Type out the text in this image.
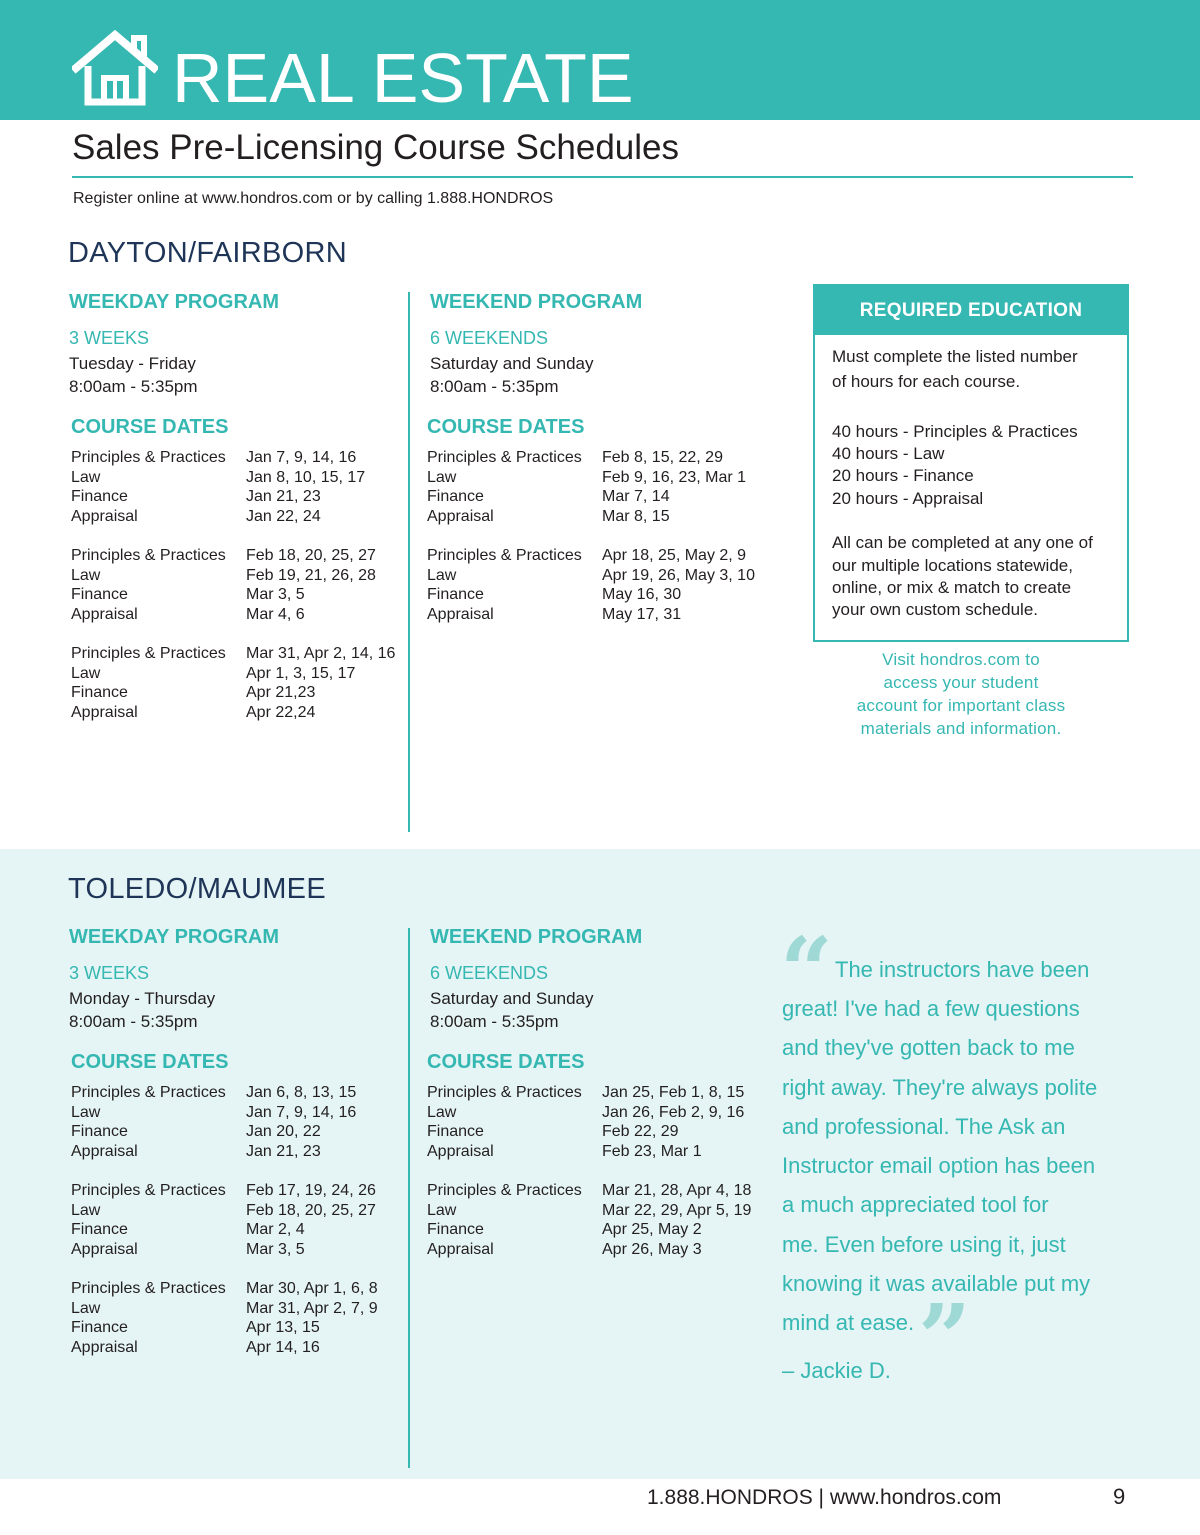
REAL ESTATE
Sales Pre-Licensing Course Schedules
Register online at www.hondros.com or by calling 1.888.HONDROS
DAYTON/FAIRBORN
WEEKDAY PROGRAM
3 WEEKS
Tuesday - Friday
8:00am - 5:35pm
COURSE DATES
Principles & Practices Jan 7, 9, 14, 16
Law	Jan 8, 10, 15, 17
Finance	Jan 21, 23
Appraisal	Jan 22, 24
Principles & Practices Feb 18, 20, 25, 27
Law	Feb 19, 21, 26, 28
Finance	Mar 3, 5
Appraisal	Mar 4, 6
Principles & Practices Mar 31, Apr 2, 14, 16
Law	Apr 1, 3, 15, 17
Finance	Apr 21,23
Appraisal	Apr 22,24
WEEKEND PROGRAM
6 WEEKENDS
Saturday and Sunday
8:00am - 5:35pm
COURSE DATES
Principles & Practices Feb 8, 15, 22, 29
Law	Feb 9, 16, 23, Mar 1
Finance	Mar 7, 14
Appraisal	Mar 8, 15
Principles & Practices Apr 18, 25, May 2, 9
Law	Apr 19, 26, May 3, 10
Finance	May 16, 30
Appraisal	May 17, 31
REQUIRED EDUCATION
Must complete the listed number
of hours for each course.
40 hours - Principles & Practices
40 hours - Law
20 hours - Finance
20 hours - Appraisal
All can be completed at any one of
our multiple locations statewide,
online, or mix & match to create
your own custom schedule.
Visit hondros.com to
access your student
account for important class
materials and information.
TOLEDO/MAUMEE
WEEKDAY PROGRAM
3 WEEKS
Monday - Thursday
8:00am - 5:35pm
COURSE DATES
Principles & Practices Jan 6, 8, 13, 15
Law	Jan 7, 9, 14, 16
Finance	Jan 20, 22
Appraisal	Jan 21, 23
Principles & Practices Feb 17, 19, 24, 26
Law	Feb 18, 20, 25, 27
Finance	Mar 2, 4
Appraisal	Mar 3, 5
Principles & Practices Mar 30, Apr 1, 6, 8
Law	Mar 31, Apr 2, 7, 9
Finance	Apr 13, 15
Appraisal	Apr 14, 16
WEEKEND PROGRAM
6 WEEKENDS
Saturday and Sunday
8:00am - 5:35pm
COURSE DATES
Principles & Practices Jan 25, Feb 1, 8, 15
Law	Jan 26, Feb 2, 9, 16
Finance	Feb 22, 29
Appraisal	Feb 23, Mar 1
Principles & Practices Mar 21, 28, Apr 4, 18
Law	Mar 22, 29, Apr 5, 19
Finance	Apr 25, May 2
Appraisal	Apr 26, May 3
“ The instructors have been
great! I've had a few questions
and they've gotten back to me
right away. They're always polite
and professional. The Ask an
Instructor email option has been
a much appreciated tool for
me. Even before using it, just
knowing it was available put my
mind at ease. ”
– Jackie D.
1.888.HONDROS | www.hondros.com	9
